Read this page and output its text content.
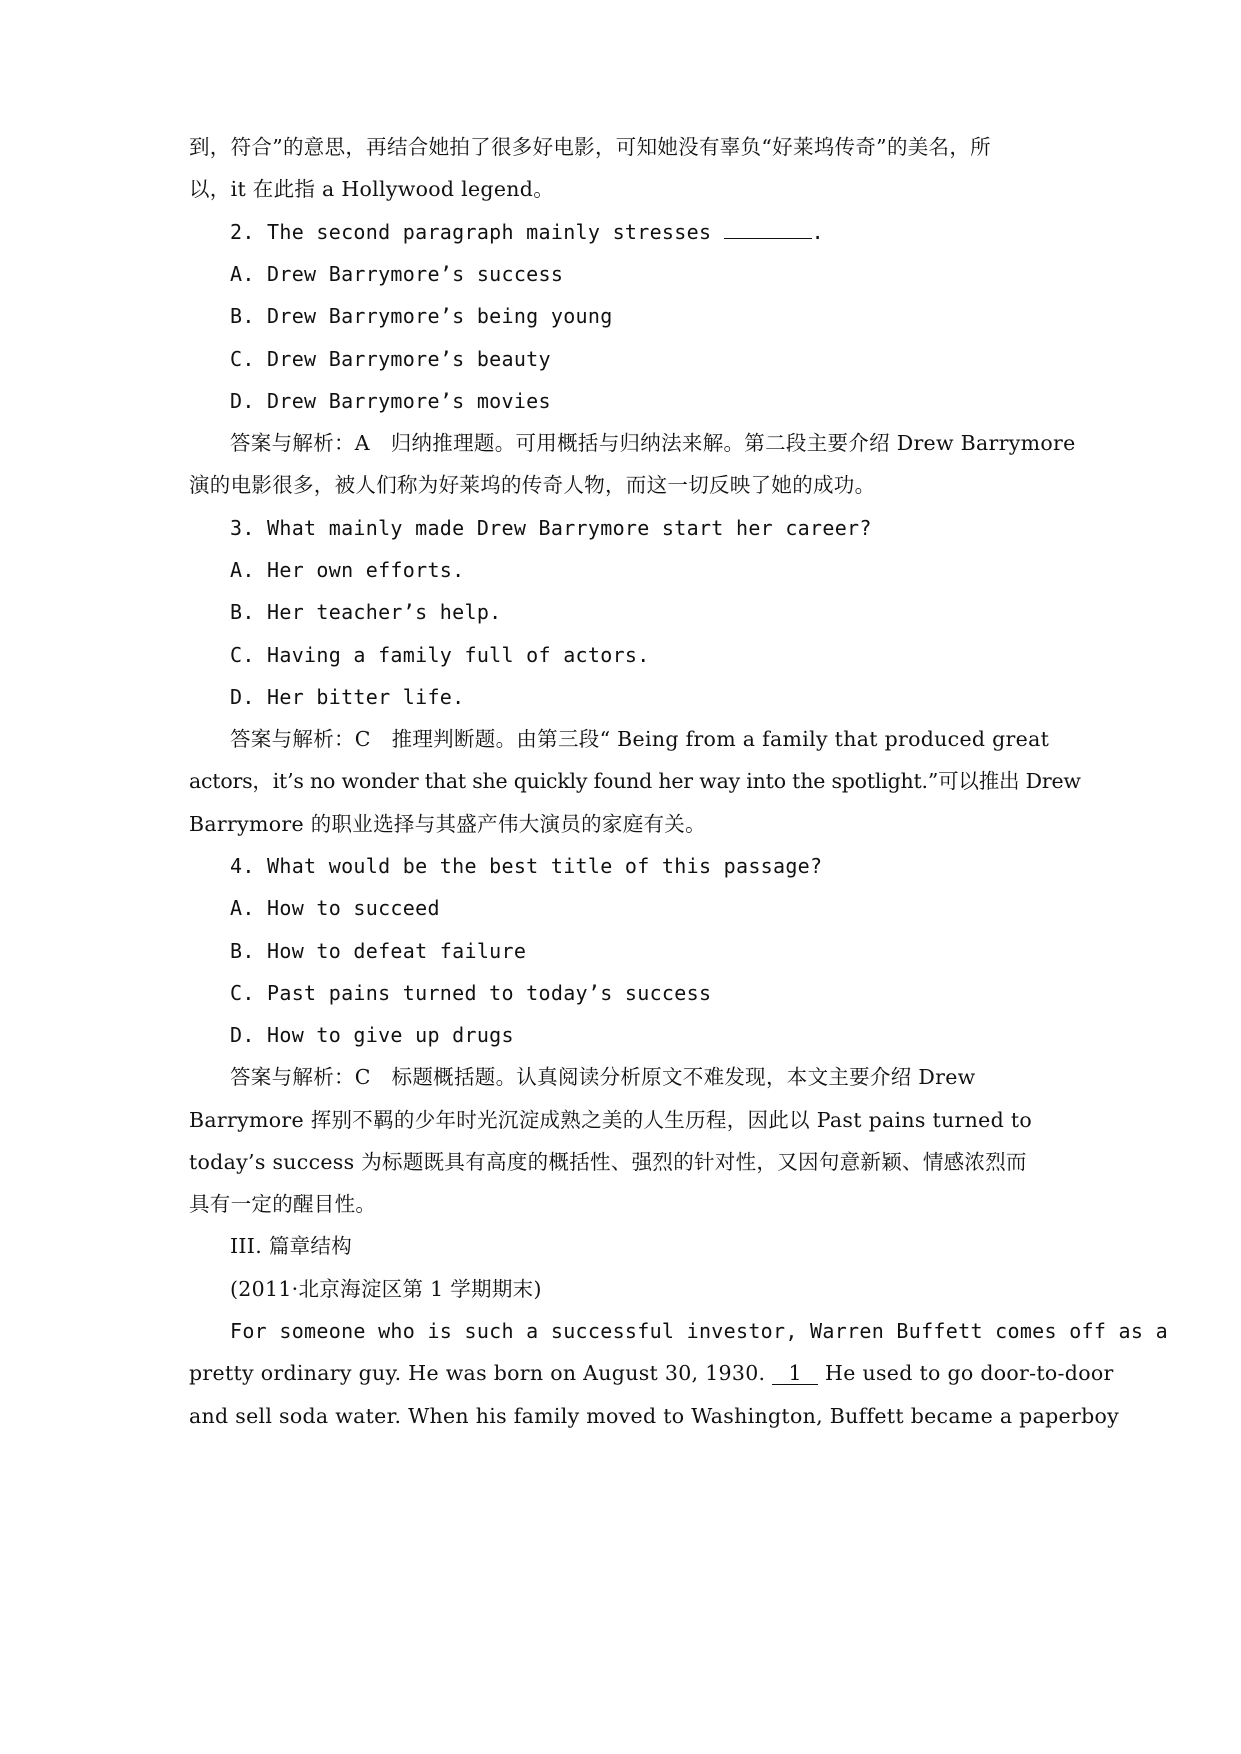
到，符合”的意思，再结合她拍了很多好电影，可知她没有辜负“好莱坞传奇”的美名，所
以，it 在此指 a Hollywood legend。
2. The second paragraph mainly stresses	.
A. Drew Barrymore’s success
B. Drew Barrymore’s being young
C. Drew Barrymore’s beauty
D. Drew Barrymore’s movies
答案与解析：A　归纳推理题。可用概括与归纳法来解。第二段主要介绍 Drew Barrymore
演的电影很多，被人们称为好莱坞的传奇人物，而这一切反映了她的成功。
3. What mainly made Drew Barrymore start her career?
A. Her own efforts.
B. Her teacher’s help.
C. Having a family full of actors.
D. Her bitter life.
答案与解析：C　推理判断题。由第三段“ Being from a family that produced great
actors，it’s no wonder that she quickly found her way into the spotlight.”可以推出 Drew
Barrymore 的职业选择与其盛产伟大演员的家庭有关。
4. What would be the best title of this passage?
A. How to succeed
B. How to defeat failure
C. Past pains turned to today’s success
D. How to give up drugs
答案与解析：C　标题概括题。认真阅读分析原文不难发现，本文主要介绍 Drew
Barrymore 挥别不羁的少年时光沉淀成熟之美的人生历程，因此以 Past pains turned to
today’s success 为标题既具有高度的概括性、强烈的针对性，又因句意新颖、情感浓烈而
具有一定的醒目性。
III. 篇章结构
(2011·北京海淀区第 1 学期期末)
For someone who is such a successful investor, Warren Buffett comes off as a
pretty ordinary guy. He was born on August 30, 1930. 1 He used to go door-to-door
and sell soda water. When his family moved to Washington, Buffett became a paperboy
